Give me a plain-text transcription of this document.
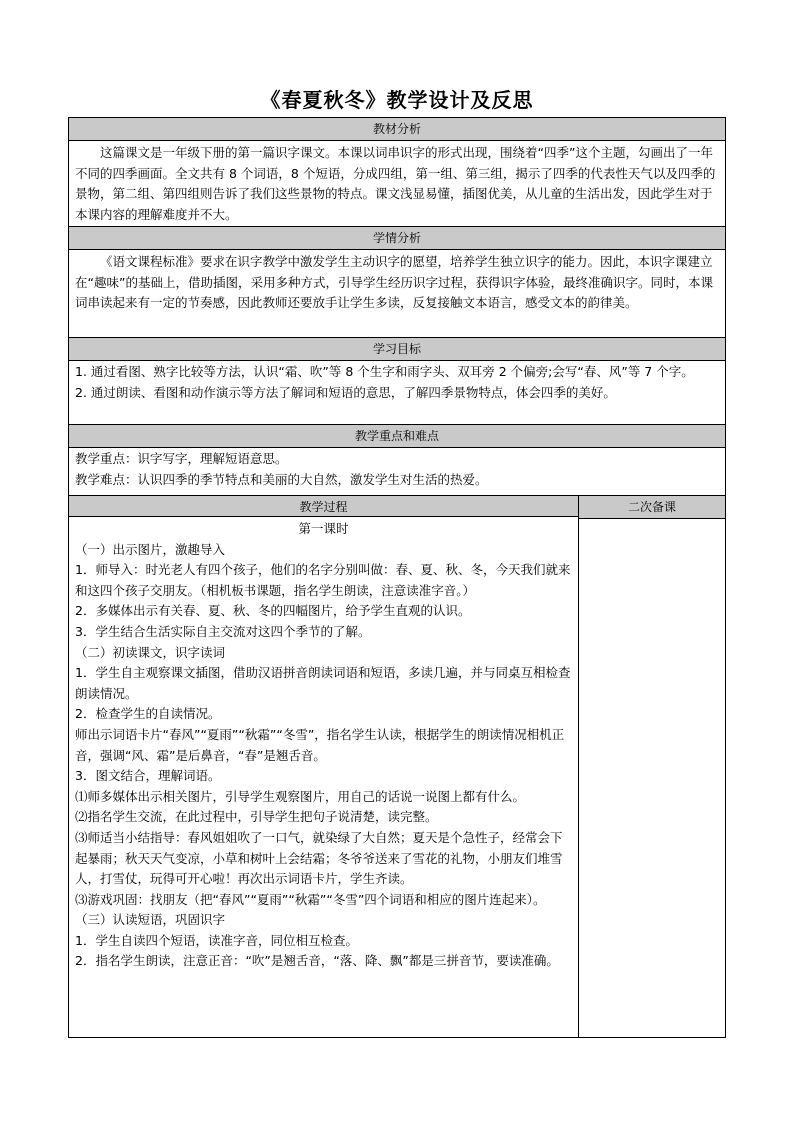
《春夏秋冬》教学设计及反思
教材分析

这篇课文是一年级下册的第一篇识字课文。本课以词串识字的形式出现，围绕着“四季”这个主题，勾画出了一年不同的四季画面。全文共有 8 个词语，8 个短语，分成四组，第一组、第三组，揭示了四季的代表性天气以及四季的景物，第二组、第四组则告诉了我们这些景物的特点。课文浅显易懂，插图优美，从儿童的生活出发，因此学生对于本课内容的理解难度并不大。

学情分析

《语文课程标准》要求在识字教学中激发学生主动识字的愿望，培养学生独立识字的能力。因此，本识字课建立在“趣味”的基础上，借助插图，采用多种方式，引导学生经历识字过程，获得识字体验，最终准确识字。同时，本课词串读起来有一定的节奏感，因此教师还要放手让学生多读，反复接触文本语言，感受文本的韵律美。

学习目标

1. 通过看图、熟字比较等方法，认识“霜、吹”等 8 个生字和雨字头、双耳旁 2 个偏旁;会写“春、风”等 7 个字。

2. 通过朗读、看图和动作演示等方法了解词和短语的意思，了解四季景物特点，体会四季的美好。

教学重点和难点

教学重点：识字写字，理解短语意思。

教学难点：认识四季的季节特点和美丽的大自然，激发学生对生活的热爱。

教学过程	二次备课

第一课时

（一）出示图片，激趣导入

1．师导入：时光老人有四个孩子，他们的名字分别叫做：春、夏、秋、冬，今天我们就来和这四个孩子交朋友。（相机板书课题，指名学生朗读，注意读准字音。）

2．多媒体出示有关春、夏、秋、冬的四幅图片，给予学生直观的认识。

3．学生结合生活实际自主交流对这四个季节的了解。

（二）初读课文，识字读词

1．学生自主观察课文插图，借助汉语拼音朗读词语和短语，多读几遍，并与同桌互相检查朗读情况。

2．检查学生的自读情况。

师出示词语卡片“春风”“夏雨”“秋霜”“冬雪”，指名学生认读，根据学生的朗读情况相机正音，强调“风、霜”是后鼻音，“春”是翘舌音。

3．图文结合，理解词语。

⑴师多媒体出示相关图片，引导学生观察图片，用自己的话说一说图上都有什么。

⑵指名学生交流，在此过程中，引导学生把句子说清楚，读完整。

⑶师适当小结指导：春风姐姐吹了一口气，就染绿了大自然；夏天是个急性子，经常会下起暴雨；秋天天气变凉，小草和树叶上会结霜；冬爷爷送来了雪花的礼物，小朋友们堆雪人，打雪仗，玩得可开心啦！再次出示词语卡片，学生齐读。

⑶游戏巩固：找朋友（把“春风”“夏雨”“秋霜”“冬雪”四个词语和相应的图片连起来）。

（三）认读短语，巩固识字

1．学生自读四个短语，读准字音，同位相互检查。

2．指名学生朗读，注意正音：“吹”是翘舌音，“落、降、飘”都是三拼音节，要读准确。
